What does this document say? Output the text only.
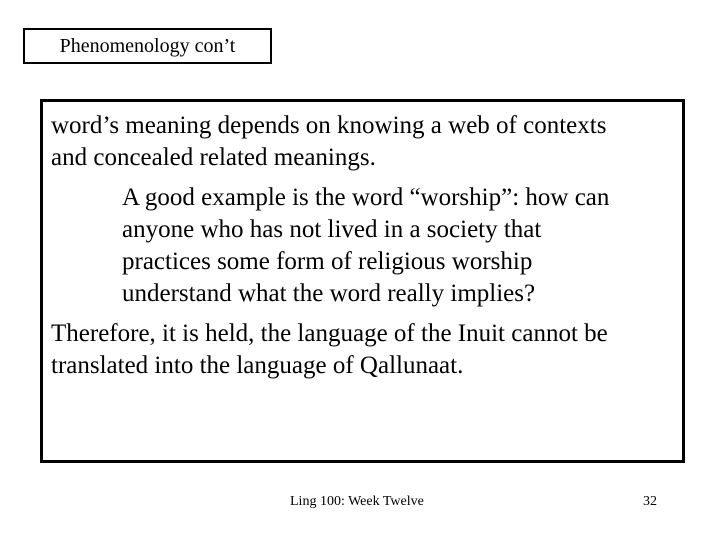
Phenomenology con’t

word’s meaning depends on knowing a web of contexts
and concealed related meanings.

A good example is the word “worship”: how can
anyone who has not lived in a society that
practices some form of religious worship
understand what the word really implies?

Therefore, it is held, the language of the Inuit cannot be
translated into the language of Qallunaat.

Ling 100: Week Twelve	32
